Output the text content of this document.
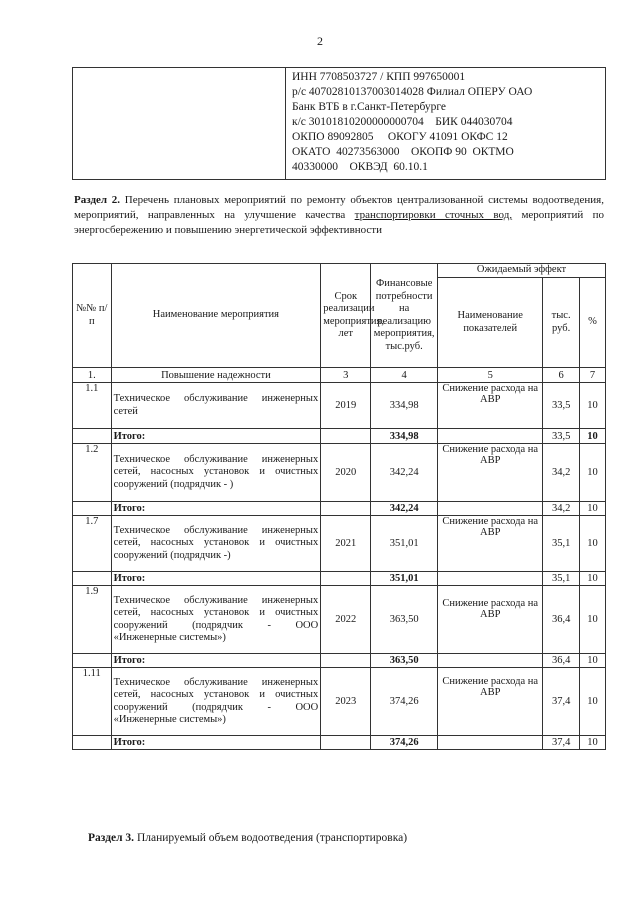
2

ИНН 7708503727 / КПП 997650001
р/с 40702810137003014028 Филиал ОПЕРУ ОАО
Банк ВТБ в г.Санкт-Петербурге
к/с 30101810200000000704    БИК 044030704
ОКПО 89092805     ОКОГУ 41091 ОКФС 12
ОКАТО  40273563000    ОКОПФ 90  ОКТМО
40330000    ОКВЭД  60.10.1
Раздел 2. Перечень плановых мероприятий по ремонту объектов централизованной системы водоотведения, мероприятий, направленных на улучшение качества транспортировки сточных вод, мероприятий по энергосбережению и повышению энергетической эффективности
№№ п/п	Наименование мероприятия	Срок реализации мероприятия, лет	Финансовые потребности на реализацию мероприятия, тыс.руб.	Ожидаемый эффект		
				Наименование показателей	тыс. руб.	%
1.	Повышение надежности	3	4	5	6	7
1.1	Техническое обслуживание инженерных сетей	2019	334,98	Снижение расхода на АВР	33,5	10
	Итого:		334,98		33,5	10
1.2	Техническое обслуживание инженерных сетей, насосных установок и очистных сооружений (подрядчик - )	2020	342,24	Снижение расхода на АВР	34,2	10
	Итого:		342,24		34,2	10
1.7	Техническое обслуживание инженерных сетей, насосных установок и очистных сооружений (подрядчик -)	2021	351,01	Снижение расхода на АВР	35,1	10
	Итого:		351,01		35,1	10
1.9	Техническое обслуживание инженерных сетей, насосных установок и очистных сооружений (подрядчик - ООО «Инженерные системы»)	2022	363,50	Снижение расхода на АВР	36,4	10
	Итого:		363,50		36,4	10
1.11	Техническое обслуживание инженерных сетей, насосных установок и очистных сооружений (подрядчик - ООО «Инженерные системы»)	2023	374,26	Снижение расхода на АВР	37,4	10
	Итого:		374,26		37,4	10
Раздел 3. Планируемый объем водоотведения (транспортировка)
